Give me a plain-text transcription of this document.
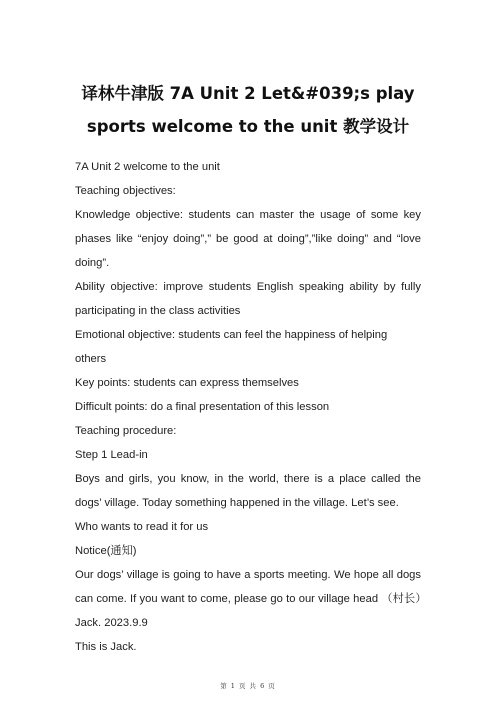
译林牛津版 7A Unit 2 Let&#039;s play
sports welcome to the unit 教学设计

7A Unit 2 welcome to the unit

Teaching objectives:

Knowledge objective: students can master the usage of some key phases like “enjoy doing”,” be good at doing”,”like doing” and “love doing”.

Ability objective: improve students English speaking ability by fully participating in the class activities

Emotional objective: students can feel the happiness of helping others

Key points: students can express themselves

Difficult points: do a final presentation of this lesson

Teaching procedure:

Step 1 Lead-in

Boys and girls, you know, in the world, there is a place called the dogs’ village. Today something happened in the village. Let’s see.

Who wants to read it for us

Notice(通知)

Our dogs’ village is going to have a sports meeting. We hope all dogs can come. If you want to come, please go to our village head （村长）Jack. 2023.9.9

This is Jack.

第 1 页 共 6 页
